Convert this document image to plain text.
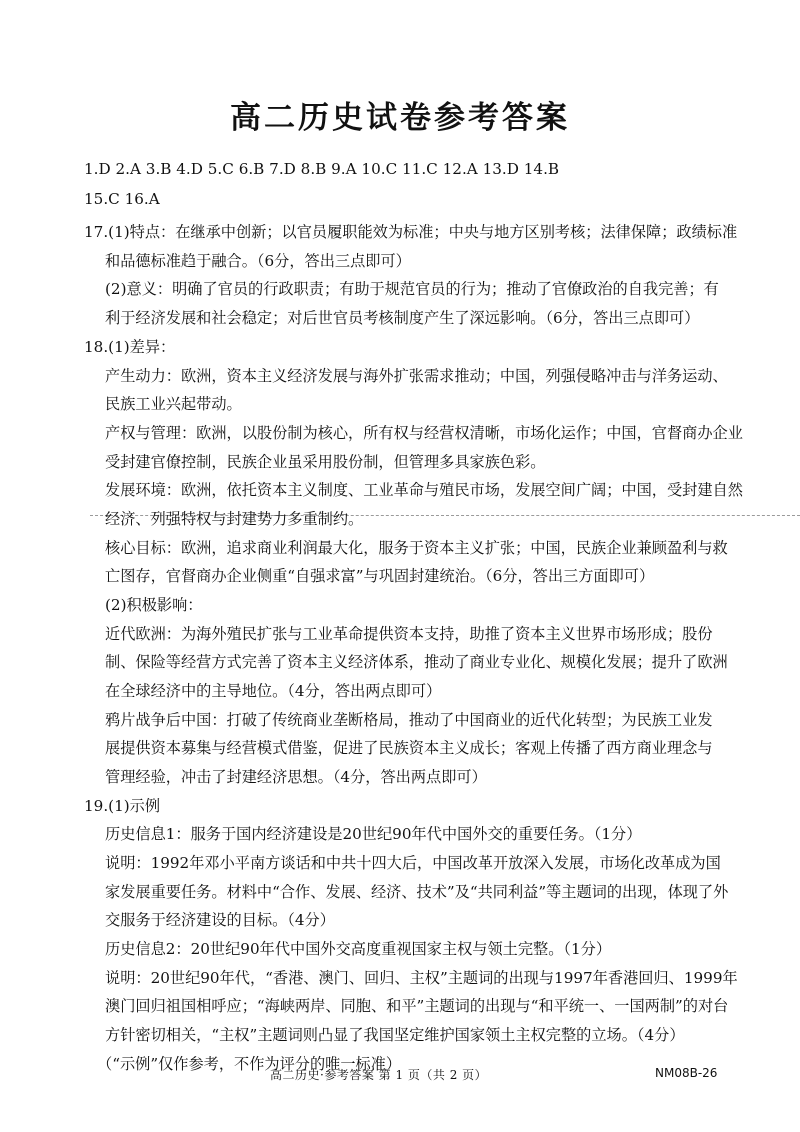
高二历史试卷参考答案
1.D 2.A 3.B 4.D 5.C 6.B 7.D 8.B 9.A 10.C 11.C 12.A 13.D 14.B
15.C 16.A
17.(1)特点：在继承中创新；以官员履职能效为标准；中央与地方区别考核；法律保障；政绩标准
和品德标准趋于融合。（6分，答出三点即可）
(2)意义：明确了官员的行政职责；有助于规范官员的行为；推动了官僚政治的自我完善；有
利于经济发展和社会稳定；对后世官员考核制度产生了深远影响。（6分，答出三点即可）
18.(1)差异：
产生动力：欧洲，资本主义经济发展与海外扩张需求推动；中国，列强侵略冲击与洋务运动、
民族工业兴起带动。
产权与管理：欧洲，以股份制为核心，所有权与经营权清晰，市场化运作；中国，官督商办企业
受封建官僚控制，民族企业虽采用股份制，但管理多具家族色彩。
发展环境：欧洲，依托资本主义制度、工业革命与殖民市场，发展空间广阔；中国，受封建自然
经济、列强特权与封建势力多重制约。
核心目标：欧洲，追求商业利润最大化，服务于资本主义扩张；中国，民族企业兼顾盈利与救
亡图存，官督商办企业侧重“自强求富”与巩固封建统治。（6分，答出三方面即可）
(2)积极影响：
近代欧洲：为海外殖民扩张与工业革命提供资本支持，助推了资本主义世界市场形成；股份
制、保险等经营方式完善了资本主义经济体系，推动了商业专业化、规模化发展；提升了欧洲
在全球经济中的主导地位。（4分，答出两点即可）
鸦片战争后中国：打破了传统商业垄断格局，推动了中国商业的近代化转型；为民族工业发
展提供资本募集与经营模式借鉴，促进了民族资本主义成长；客观上传播了西方商业理念与
管理经验，冲击了封建经济思想。（4分，答出两点即可）
19.(1)示例
历史信息1：服务于国内经济建设是20世纪90年代中国外交的重要任务。（1分）
说明：1992年邓小平南方谈话和中共十四大后，中国改革开放深入发展，市场化改革成为国
家发展重要任务。材料中“合作、发展、经济、技术”及“共同利益”等主题词的出现，体现了外
交服务于经济建设的目标。（4分）
历史信息2：20世纪90年代中国外交高度重视国家主权与领土完整。（1分）
说明：20世纪90年代，“香港、澳门、回归、主权”主题词的出现与1997年香港回归、1999年
澳门回归祖国相呼应；“海峡两岸、同胞、和平”主题词的出现与“和平统一、一国两制”的对台
方针密切相关，“主权”主题词则凸显了我国坚定维护国家领土主权完整的立场。（4分）
（“示例”仅作参考，不作为评分的唯一标准）
高二历史·参考答案 第 1 页（共 2 页）	NM08B-26
